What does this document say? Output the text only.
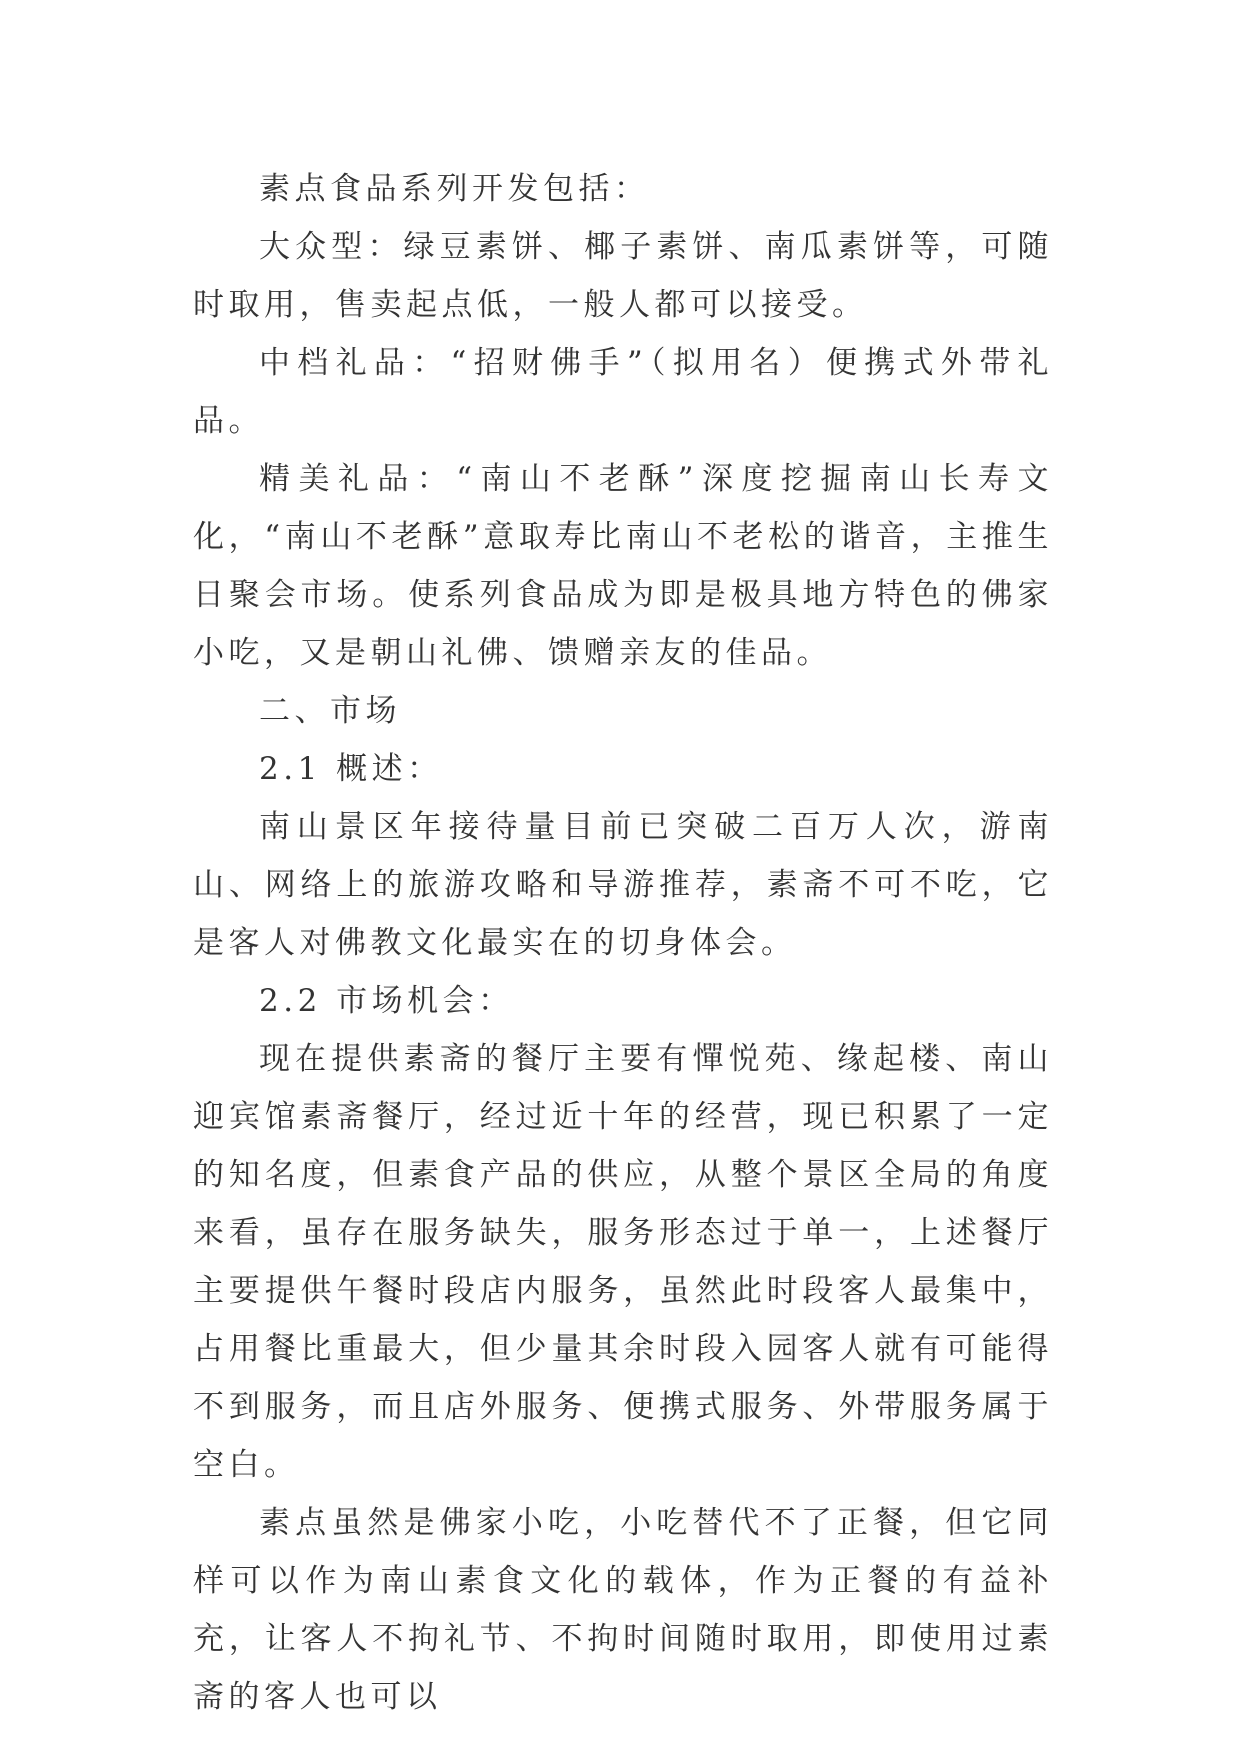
素点食品系列开发包括：

大众型：绿豆素饼、椰子素饼、南瓜素饼等，可随时取用，售卖起点低，一般人都可以接受。

中档礼品：“招财佛手”（拟用名）便携式外带礼品。

精美礼品：“南山不老酥”深度挖掘南山长寿文化，“南山不老酥”意取寿比南山不老松的谐音，主推生日聚会市场。使系列食品成为即是极具地方特色的佛家小吃，又是朝山礼佛、馈赠亲友的佳品。

二、市场

2.1 概述：

南山景区年接待量目前已突破二百万人次，游南山、网络上的旅游攻略和导游推荐，素斋不可不吃，它是客人对佛教文化最实在的切身体会。

2.2 市场机会：

现在提供素斋的餐厅主要有憚悦苑、缘起楼、南山迎宾馆素斋餐厅，经过近十年的经营，现已积累了一定的知名度，但素食产品的供应，从整个景区全局的角度来看，虽存在服务缺失，服务形态过于单一，上述餐厅主要提供午餐时段店内服务，虽然此时段客人最集中，占用餐比重最大，但少量其余时段入园客人就有可能得不到服务，而且店外服务、便携式服务、外带服务属于空白。

素点虽然是佛家小吃，小吃替代不了正餐，但它同样可以作为南山素食文化的载体，作为正餐的有益补充，让客人不拘礼节、不拘时间随时取用，即使用过素斋的客人也可以
